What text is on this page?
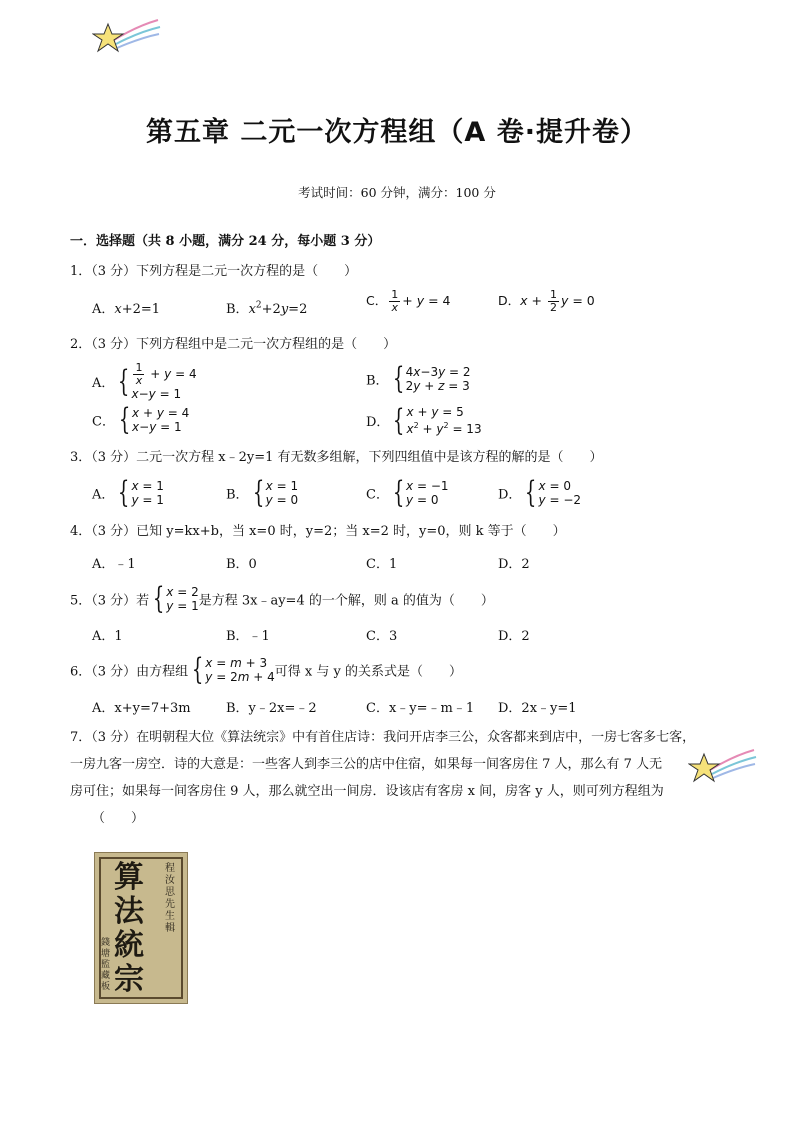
第五章 二元一次方程组（A 卷·提升卷）
考试时间：60 分钟，满分：100 分
一．选择题（共 8 小题，满分 24 分，每小题 3 分）
1．（3 分）下列方程是二元一次方程的是（　　）
A．x+2=1	B．$x^2+2y=2$
C． $\frac{1}{x} + y = 4$	D．$x + \frac{1}{2}$ y = 0
2．（3 分）下列方程组中是二元一次方程组的是（　　）
A． { $\frac{1}{x} + y = 4$
x−y = 1
B． { 4x−3y = 2
2y + z = 3
C． { x + y = 4
x−y = 1	D． { x + y = 5
$x^2 + y^2 = 13$
3．（3 分）二元一次方程 x﹣2y=1 有无数多组解，下列四组值中是该方程的解的是（　　）
A． { x = 1
y = 1	B． { x = 1
y = 0	C． { x = −1
y = 0	D． { x = 0
y = −2
4．（3 分）已知 y=kx+b，当 x=0 时，y=2；当 x=2 时，y=0，则 k 等于（　　）
A．﹣1	B．0	C．1	D．2
5．（3 分）若 { x = 2
y = 1 是方程 3x﹣ay=4 的一个解，则 a 的值为（　　）
A．1	B．﹣1	C．3	D．2
6．（3 分）由方程组 { x = m + 3
y = 2m + 4 可得 x 与 y 的关系式是（　　）
A．x+y=7+3m	B．y﹣2x=﹣2	C．x﹣y=﹣m﹣1 D．2x﹣y=1
7．（3 分）在明朝程大位《算法统宗》中有首住店诗：我问开店李三公，众客都来到店中，一房七客多七客，
一房九客一房空．诗的大意是：一些客人到李三公的店中住宿，如果每一间客房住 7 人，那么有 7 人无
房可住；如果每一间客房住 9 人，那么就空出一间房．设该店有客房 x 间，房客 y 人，则可列方程组为
（　　）
算
法
統
宗
程汝思先生輯
錢塘監藏板
